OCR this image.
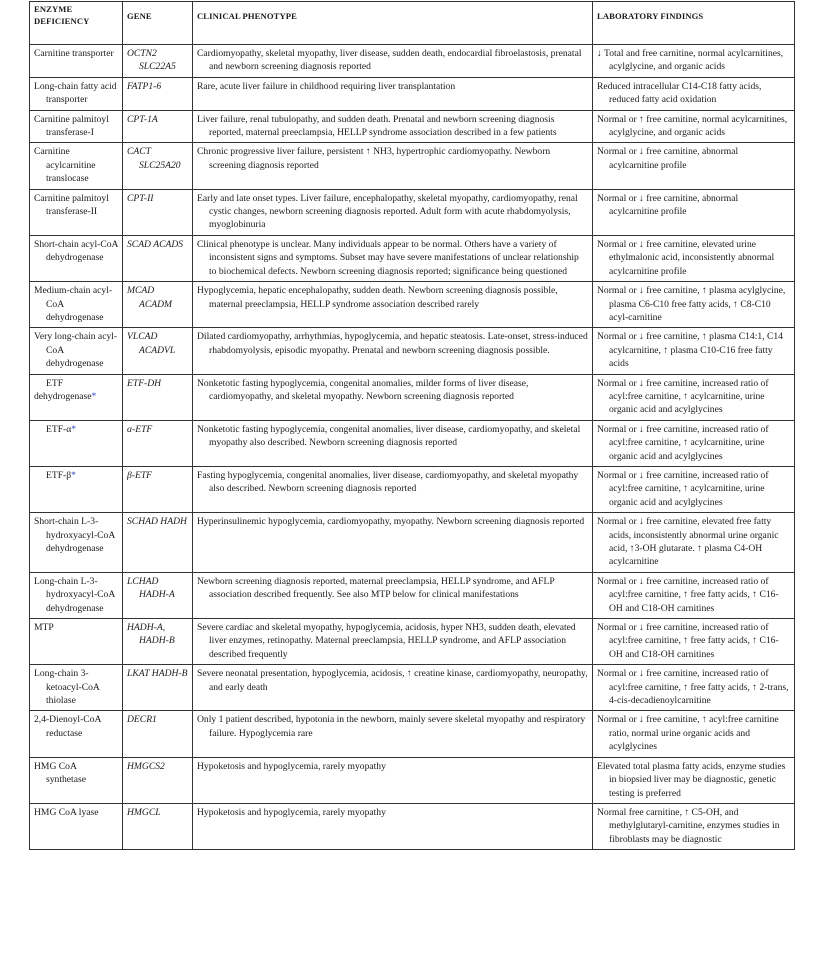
ENZYME DEFICIENCY	GENE	CLINICAL PHENOTYPE	LABORATORY FINDINGS

Carnitine transporter	OCTN2 SLC22A5	Cardiomyopathy, skeletal myopathy, liver disease, sudden death, endocardial fibroelastosis, prenatal and newborn screening diagnosis reported	↓ Total and free carnitine, normal acylcarnitines, acylglycine, and organic acids

Long-chain fatty acid transporter	FATP1-6	Rare, acute liver failure in childhood requiring liver transplantation	Reduced intracellular C14-C18 fatty acids, reduced fatty acid oxidation

Carnitine palmitoyl transferase-I	CPT-1A	Liver failure, renal tubulopathy, and sudden death. Prenatal and newborn screening diagnosis reported, maternal preeclampsia, HELLP syndrome association described in a few patients	Normal or ↑ free carnitine, normal acylcarnitines, acylglycine, and organic acids

Carnitine acylcarnitine translocase	CACT SLC25A20	Chronic progressive liver failure, persistent ↑ NH3, hypertrophic cardiomyopathy. Newborn screening diagnosis reported	Normal or ↓ free carnitine, abnormal acylcarnitine profile

Carnitine palmitoyl transferase-II	CPT-II	Early and late onset types. Liver failure, encephalopathy, skeletal myopathy, cardiomyopathy, renal cystic changes, newborn screening diagnosis reported. Adult form with acute rhabdomyolysis, myoglobinuria	Normal or ↓ free carnitine, abnormal acylcarnitine profile

Short-chain acyl-CoA dehydrogenase	SCAD ACADS	Clinical phenotype is unclear. Many individuals appear to be normal. Others have a variety of inconsistent signs and symptoms. Subset may have severe manifestations of unclear relationship to biochemical defects. Newborn screening diagnosis reported; significance being questioned	Normal or ↓ free carnitine, elevated urine ethylmalonic acid, inconsistently abnormal acylcarnitine profile

Medium-chain acyl-CoA dehydrogenase	MCAD ACADM	Hypoglycemia, hepatic encephalopathy, sudden death. Newborn screening diagnosis possible, maternal preeclampsia, HELLP syndrome association described rarely	Normal or ↓ free carnitine, ↑ plasma acylglycine, plasma C6-C10 free fatty acids, ↑ C8-C10 acyl-carnitine

Very long-chain acyl-CoA dehydrogenase	VLCAD ACADVL	Dilated cardiomyopathy, arrhythmias, hypoglycemia, and hepatic steatosis. Late-onset, stress-induced rhabdomyolysis, episodic myopathy. Prenatal and newborn screening diagnosis possible.	Normal or ↓ free carnitine, ↑ plasma C14:1, C14 acylcarnitine, ↑ plasma C10-C16 free fatty acids

ETF dehydrogenase*	ETF-DH	Nonketotic fasting hypoglycemia, congenital anomalies, milder forms of liver disease, cardiomyopathy, and skeletal myopathy. Newborn screening diagnosis reported	Normal or ↓ free carnitine, increased ratio of acyl:free carnitine, ↑ acylcarnitine, urine organic acid and acylglycines

ETF-α*	α-ETF	Nonketotic fasting hypoglycemia, congenital anomalies, liver disease, cardiomyopathy, and skeletal myopathy also described. Newborn screening diagnosis reported	Normal or ↓ free carnitine, increased ratio of acyl:free carnitine, ↑ acylcarnitine, urine organic acid and acylglycines

ETF-β*	β-ETF	Fasting hypoglycemia, congenital anomalies, liver disease, cardiomyopathy, and skeletal myopathy also described. Newborn screening diagnosis reported	Normal or ↓ free carnitine, increased ratio of acyl:free carnitine, ↑ acylcarnitine, urine organic acid and acylglycines

Short-chain L-3-hydroxyacyl-CoA dehydrogenase	SCHAD HADH	Hyperinsulinemic hypoglycemia, cardiomyopathy, myopathy. Newborn screening diagnosis reported	Normal or ↓ free carnitine, elevated free fatty acids, inconsistently abnormal urine organic acid, ↑3-OH glutarate. ↑ plasma C4-OH acylcarnitine

Long-chain L-3-hydroxyacyl-CoA dehydrogenase	LCHAD HADH-A	Newborn screening diagnosis reported, maternal preeclampsia, HELLP syndrome, and AFLP association described frequently. See also MTP below for clinical manifestations	Normal or ↓ free carnitine, increased ratio of acyl:free carnitine, ↑ free fatty acids, ↑ C16-OH and C18-OH carnitines

MTP	HADH-A, HADH-B	Severe cardiac and skeletal myopathy, hypoglycemia, acidosis, hyper NH3, sudden death, elevated liver enzymes, retinopathy. Maternal preeclampsia, HELLP syndrome, and AFLP association described frequently	Normal or ↓ free carnitine, increased ratio of acyl:free carnitine, ↑ free fatty acids, ↑ C16-OH and C18-OH carnitines

Long-chain 3-ketoacyl-CoA thiolase	LKAT HADH-B	Severe neonatal presentation, hypoglycemia, acidosis, ↑ creatine kinase, cardiomyopathy, neuropathy, and early death	Normal or ↓ free carnitine, increased ratio of acyl:free carnitine, ↑ free fatty acids, ↑ 2-trans, 4-cis-decadienoylcarnitine

2,4-Dienoyl-CoA reductase	DECR1	Only 1 patient described, hypotonia in the newborn, mainly severe skeletal myopathy and respiratory failure. Hypoglycemia rare	Normal or ↓ free carnitine, ↑ acyl:free carnitine ratio, normal urine organic acids and acylglycines

HMG CoA synthetase	HMGCS2	Hypoketosis and hypoglycemia, rarely myopathy	Elevated total plasma fatty acids, enzyme studies in biopsied liver may be diagnostic, genetic testing is preferred

HMG CoA lyase	HMGCL	Hypoketosis and hypoglycemia, rarely myopathy	Normal free carnitine, ↑ C5-OH, and methylglutaryl-carnitine, enzymes studies in fibroblasts may be diagnostic
